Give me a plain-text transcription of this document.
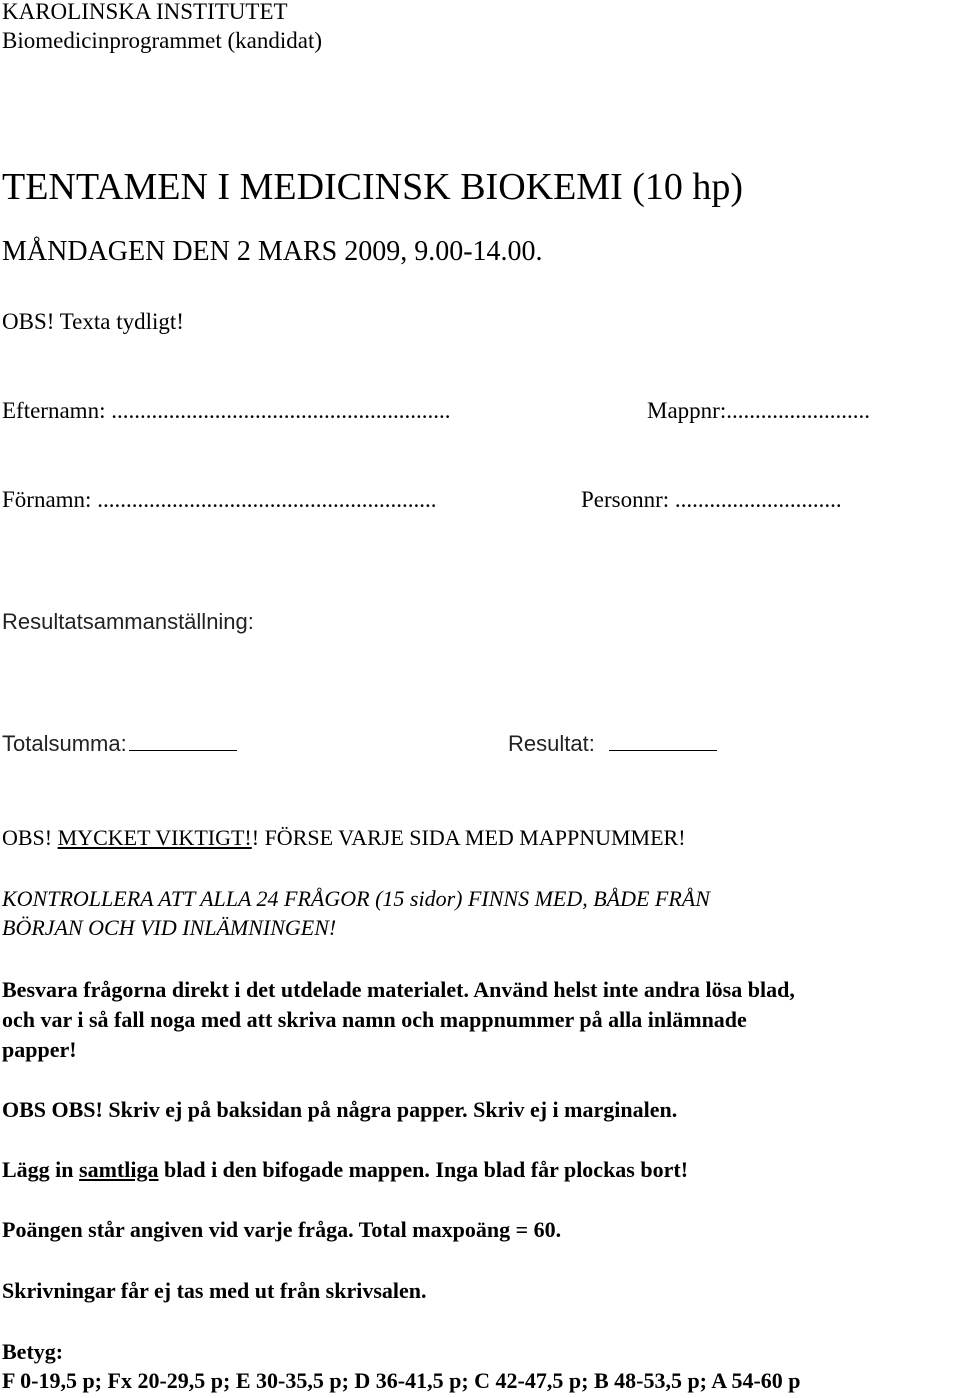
KAROLINSKA INSTITUTET

Biomedicinprogrammet (kandidat)

TENTAMEN I MEDICINSK BIOKEMI (10 hp)

MÅNDAGEN DEN 2 MARS 2009, 9.00-14.00.

OBS! Texta tydligt!

Efternamn: ...........................................................	Mappnr:.........................

Förnamn: ...........................................................	Personnr: .............................

Resultatsammanställning:

Totalsumma:	Resultat:

OBS! MYCKET VIKTIGT!! FÖRSE VARJE SIDA MED MAPPNUMMER!

KONTROLLERA ATT ALLA 24 FRÅGOR (15 sidor) FINNS MED, BÅDE FRÅN

BÖRJAN OCH VID INLÄMNINGEN!

Besvara frågorna direkt i det utdelade materialet. Använd helst inte andra lösa blad,

och var i så fall noga med att skriva namn och mappnummer på alla inlämnade

papper!

OBS OBS! Skriv ej på baksidan på några papper. Skriv ej i marginalen.

Lägg in samtliga blad i den bifogade mappen. Inga blad får plockas bort!

Poängen står angiven vid varje fråga. Total maxpoäng = 60.

Skrivningar får ej tas med ut från skrivsalen.

Betyg:

F 0-19,5 p; Fx 20-29,5 p; E 30-35,5 p; D 36-41,5 p; C 42-47,5 p; B 48-53,5 p; A 54-60 p
